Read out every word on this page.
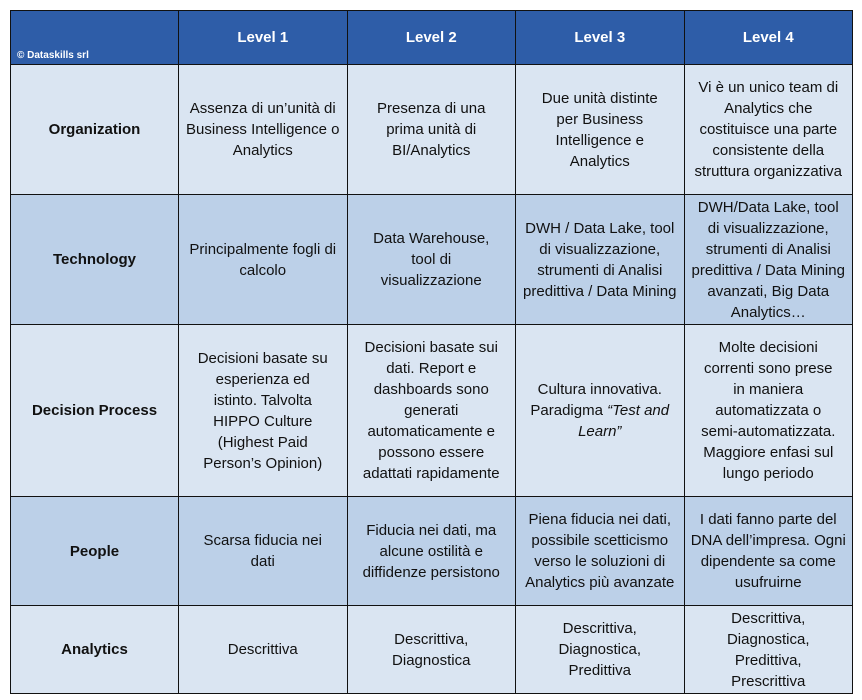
© Dataskills srl	Level 1	Level 2	Level 3	Level 4
Organization	Assenza di un’unità di Business Intelligence o Analytics	Presenza di una prima unità di BI/Analytics	Due unità distinte per Business Intelligence e Analytics	Vi è un unico team di Analytics che costituisce una parte consistente della struttura organizzativa
Technology	Principalmente fogli di calcolo	Data Warehouse, tool di visualizzazione	DWH / Data Lake, tool di visualizzazione, strumenti di Analisi predittiva / Data Mining	DWH/Data Lake, tool di visualizzazione, strumenti di Analisi predittiva / Data Mining avanzati, Big Data Analytics…
Decision Process	Decisioni basate su esperienza ed istinto. Talvolta HIPPO Culture (Highest Paid Person’s Opinion)	Decisioni basate sui dati. Report e dashboards sono generati automaticamente e possono essere adattati rapidamente	Cultura innovativa. Paradigma “Test and Learn”	Molte decisioni correnti sono prese in maniera automatizzata o semi-automatizzata. Maggiore enfasi sul lungo periodo
People	Scarsa fiducia nei dati	Fiducia nei dati, ma alcune ostilità e diffidenze persistono	Piena fiducia nei dati, possibile scetticismo verso le soluzioni di Analytics più avanzate	I dati fanno parte del DNA dell’impresa. Ogni dipendente sa come usufruirne
Analytics	Descrittiva	Descrittiva, Diagnostica	Descrittiva, Diagnostica, Predittiva	Descrittiva, Diagnostica, Predittiva, Prescrittiva
